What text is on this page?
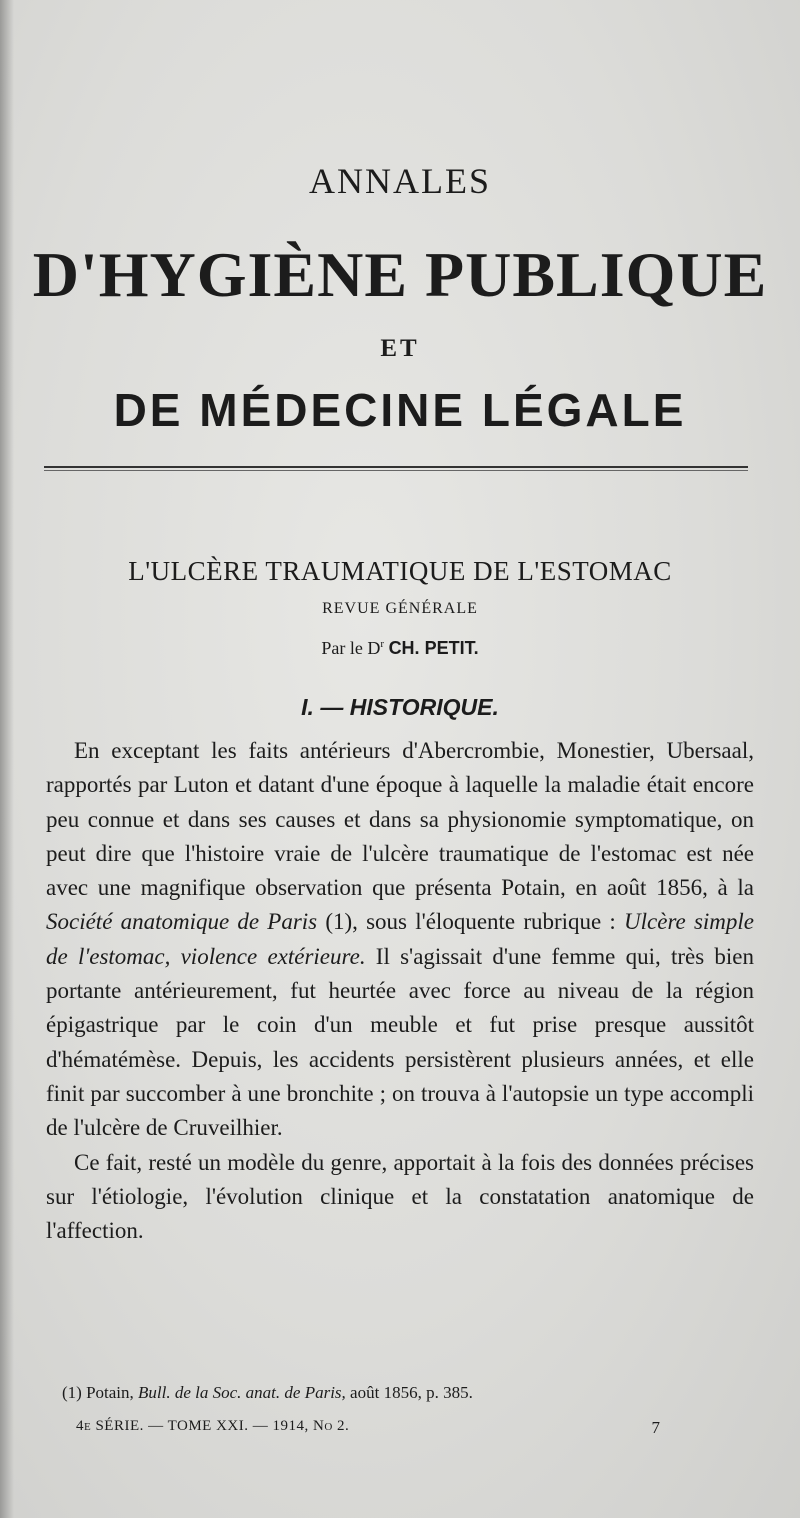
ANNALES
D'HYGIÈNE PUBLIQUE
ET
DE MÉDECINE LÉGALE
L'ULCÈRE TRAUMATIQUE DE L'ESTOMAC
REVUE GÉNÉRALE
Par le $D^r$ CH. PETIT.
I. — HISTORIQUE.

En exceptant les faits antérieurs d'Abercrombie, Monestier, Ubersaal, rapportés par Luton et datant d'une époque à laquelle la maladie était encore peu connue et dans ses causes et dans sa physionomie symptomatique, on peut dire que l'histoire vraie de l'ulcère traumatique de l'estomac est née avec une magnifique observation que présenta Potain, en août 1856, à la Société anatomique de Paris (1), sous l'éloquente rubrique : Ulcère simple de l'estomac, violence extérieure. Il s'agissait d'une femme qui, très bien portante antérieurement, fut heurtée avec force au niveau de la région épigastrique par le coin d'un meuble et fut prise presque aussitôt d'hématémèse. Depuis, les accidents persistèrent plusieurs années, et elle finit par succomber à une bronchite ; on trouva à l'autopsie un type accompli de l'ulcère de Cruveilhier.

Ce fait, resté un modèle du genre, apportait à la fois des données précises sur l'étiologie, l'évolution clinique et la constatation anatomique de l'affection.

(1) Potain, Bull. de la Soc. anat. de Paris, août 1856, p. 385.
4e SÉRIE. — TOME XXI. — 1914, No 2.	7
